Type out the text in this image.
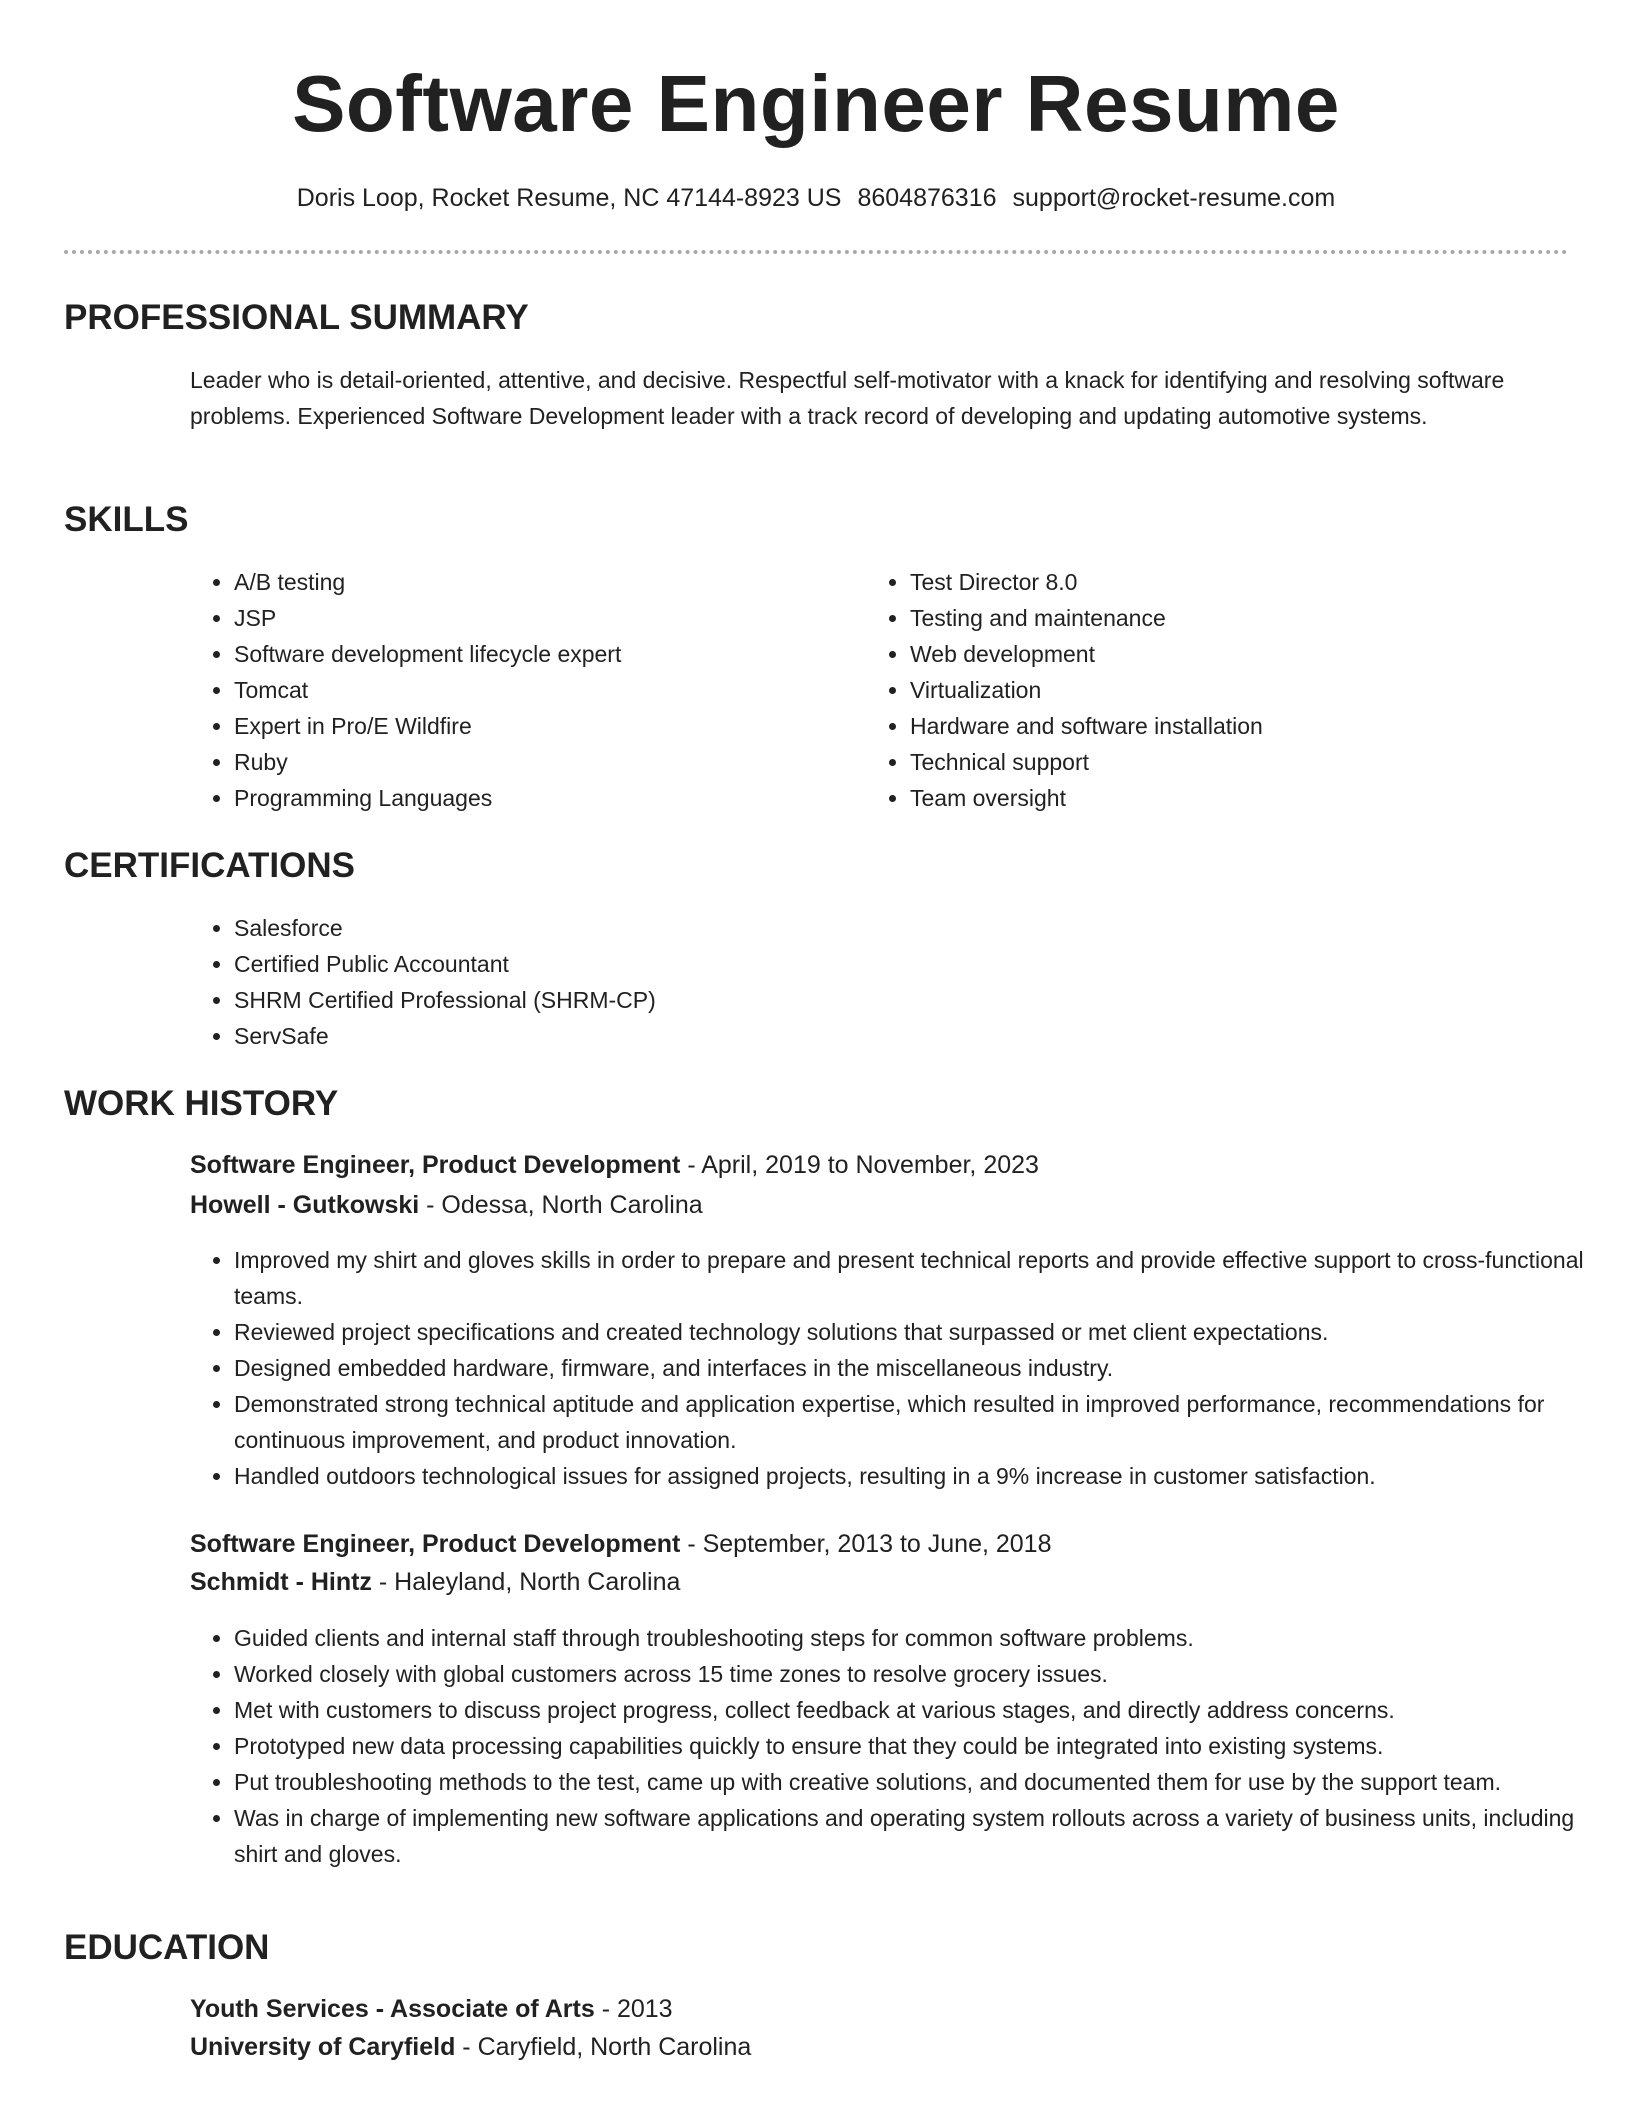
Software Engineer Resume
Doris Loop, Rocket Resume, NC 47144-8923 US 8604876316 support@rocket-resume.com
PROFESSIONAL SUMMARY

Leader who is detail-oriented, attentive, and decisive. Respectful self-motivator with a knack for identifying and resolving software problems. Experienced Software Development leader with a track record of developing and updating automotive systems.

SKILLS
• A/B testing
• JSP
• Software development lifecycle expert
• Tomcat
• Expert in Pro/E Wildfire
• Ruby
• Programming Languages
• Test Director 8.0
• Testing and maintenance
• Web development
• Virtualization
• Hardware and software installation
• Technical support
• Team oversight
CERTIFICATIONS
• Salesforce
• Certified Public Accountant
• SHRM Certified Professional (SHRM-CP)
• ServSafe
WORK HISTORY
Software Engineer, Product Development - April, 2019 to November, 2023
Howell - Gutkowski - Odessa, North Carolina
• Improved my shirt and gloves skills in order to prepare and present technical reports and provide effective support to cross-functional teams.
• Reviewed project specifications and created technology solutions that surpassed or met client expectations.
• Designed embedded hardware, firmware, and interfaces in the miscellaneous industry.
• Demonstrated strong technical aptitude and application expertise, which resulted in improved performance, recommendations for continuous improvement, and product innovation.
• Handled outdoors technological issues for assigned projects, resulting in a 9% increase in customer satisfaction.
Software Engineer, Product Development - September, 2013 to June, 2018
Schmidt - Hintz - Haleyland, North Carolina
• Guided clients and internal staff through troubleshooting steps for common software problems.
• Worked closely with global customers across 15 time zones to resolve grocery issues.
• Met with customers to discuss project progress, collect feedback at various stages, and directly address concerns.
• Prototyped new data processing capabilities quickly to ensure that they could be integrated into existing systems.
• Put troubleshooting methods to the test, came up with creative solutions, and documented them for use by the support team.
• Was in charge of implementing new software applications and operating system rollouts across a variety of business units, including shirt and gloves.
EDUCATION
Youth Services - Associate of Arts - 2013
University of Caryfield - Caryfield, North Carolina
